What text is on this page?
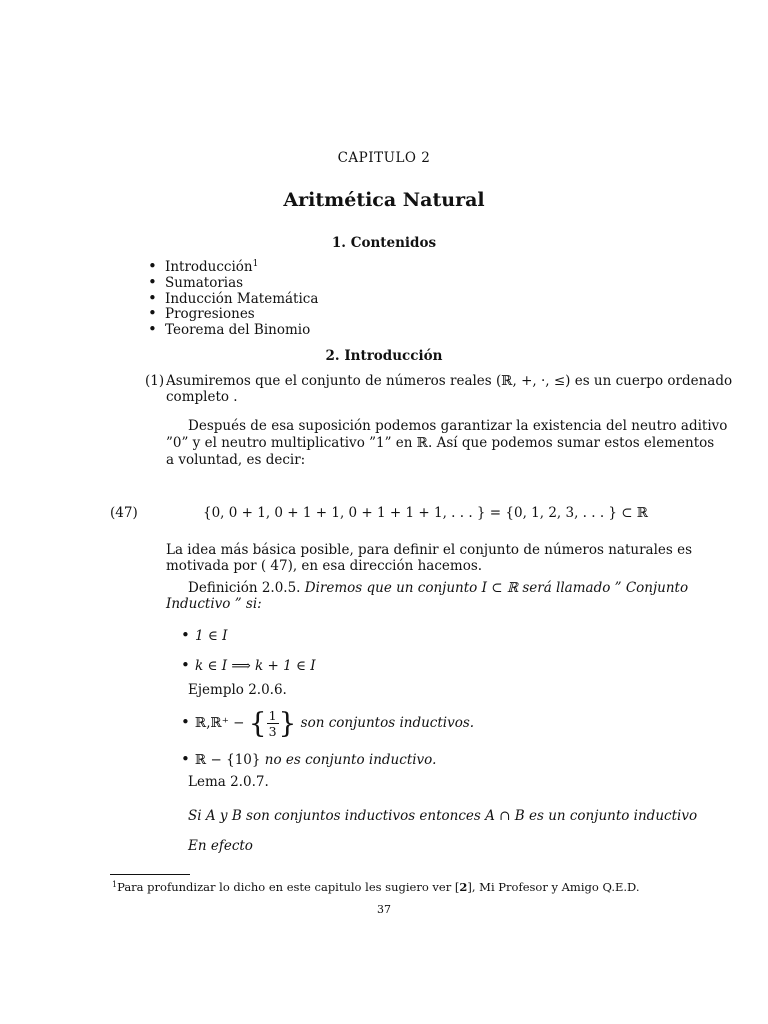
CAPITULO 2
Aritmética Natural
1. Contenidos
• Introducción$^1$
• Sumatorias
• Inducción Matemática
• Progresiones
• Teorema del Binomio
2. Introducción
(1) Asumiremos que el conjunto de números reales (ℝ, +, ·, ≤) es un cuerpo ordenado
completo .
Después de esa suposición podemos garantizar la existencia del neutro aditivo
”0” y el neutro multiplicativo ”1” en ℝ. Así que podemos sumar estos elementos
a voluntad, es decir:
(47)	{0, 0 + 1, 0 + 1 + 1, 0 + 1 + 1 + 1, . . . } = {0, 1, 2, 3, . . . } ⊂ ℝ
La idea más básica posible, para definir el conjunto de números naturales es
motivada por ( 47), en esa dirección hacemos.
Definición 2.0.5. Diremos que un conjunto I ⊂ ℝ será llamado ” Conjunto
Inductivo ” si:
• 1 ∈ I
• k ∈ I ⟹ k + 1 ∈ I
Ejemplo 2.0.6.
• ℝ,ℝ⁺ − { $\frac{1}{3}$ } son conjuntos inductivos.
• ℝ − {10} no es conjunto inductivo.
Lema 2.0.7.
Si A y B son conjuntos inductivos entonces A ∩ B es un conjunto inductivo
En efecto
$^1$Para profundizar lo dicho en este capitulo les sugiero ver [2], Mi Profesor y Amigo Q.E.D.
37
